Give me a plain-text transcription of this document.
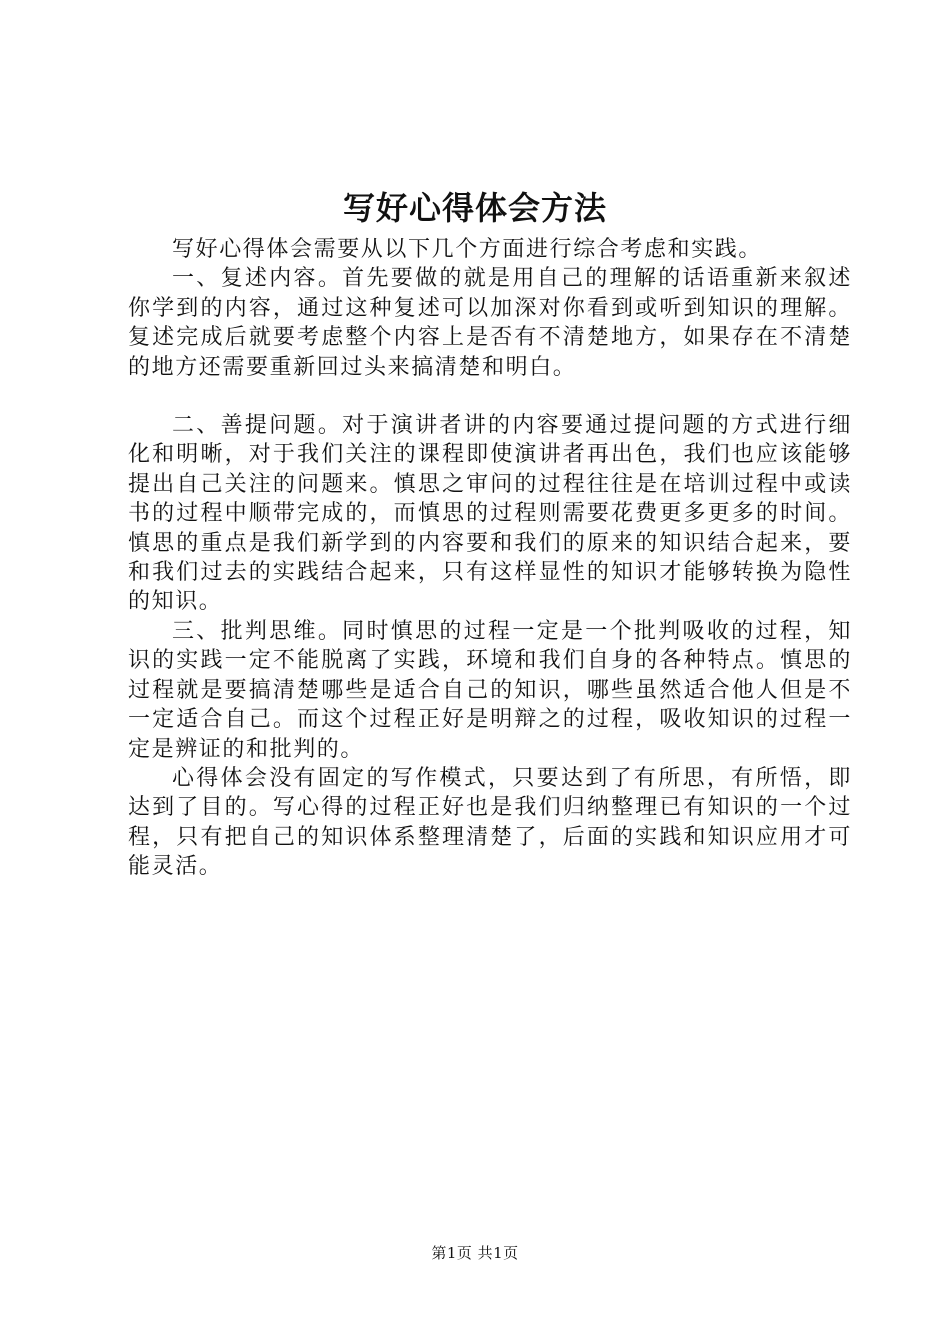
写好心得体会方法

写好心得体会需要从以下几个方面进行综合考虑和实践。

一、复述内容。首先要做的就是用自己的理解的话语重新来叙述你学到的内容，通过这种复述可以加深对你看到或听到知识的理解。复述完成后就要考虑整个内容上是否有不清楚地方，如果存在不清楚的地方还需要重新回过头来搞清楚和明白。

二、善提问题。对于演讲者讲的内容要通过提问题的方式进行细化和明晰，对于我们关注的课程即使演讲者再出色，我们也应该能够提出自己关注的问题来。慎思之审问的过程往往是在培训过程中或读书的过程中顺带完成的，而慎思的过程则需要花费更多更多的时间。慎思的重点是我们新学到的内容要和我们的原来的知识结合起来，要和我们过去的实践结合起来，只有这样显性的知识才能够转换为隐性的知识。

三、批判思维。同时慎思的过程一定是一个批判吸收的过程，知识的实践一定不能脱离了实践，环境和我们自身的各种特点。慎思的过程就是要搞清楚哪些是适合自己的知识，哪些虽然适合他人但是不一定适合自己。而这个过程正好是明辩之的过程，吸收知识的过程一定是辨证的和批判的。

心得体会没有固定的写作模式，只要达到了有所思，有所悟，即达到了目的。写心得的过程正好也是我们归纳整理已有知识的一个过程，只有把自己的知识体系整理清楚了，后面的实践和知识应用才可能灵活。

第1页 共1页
